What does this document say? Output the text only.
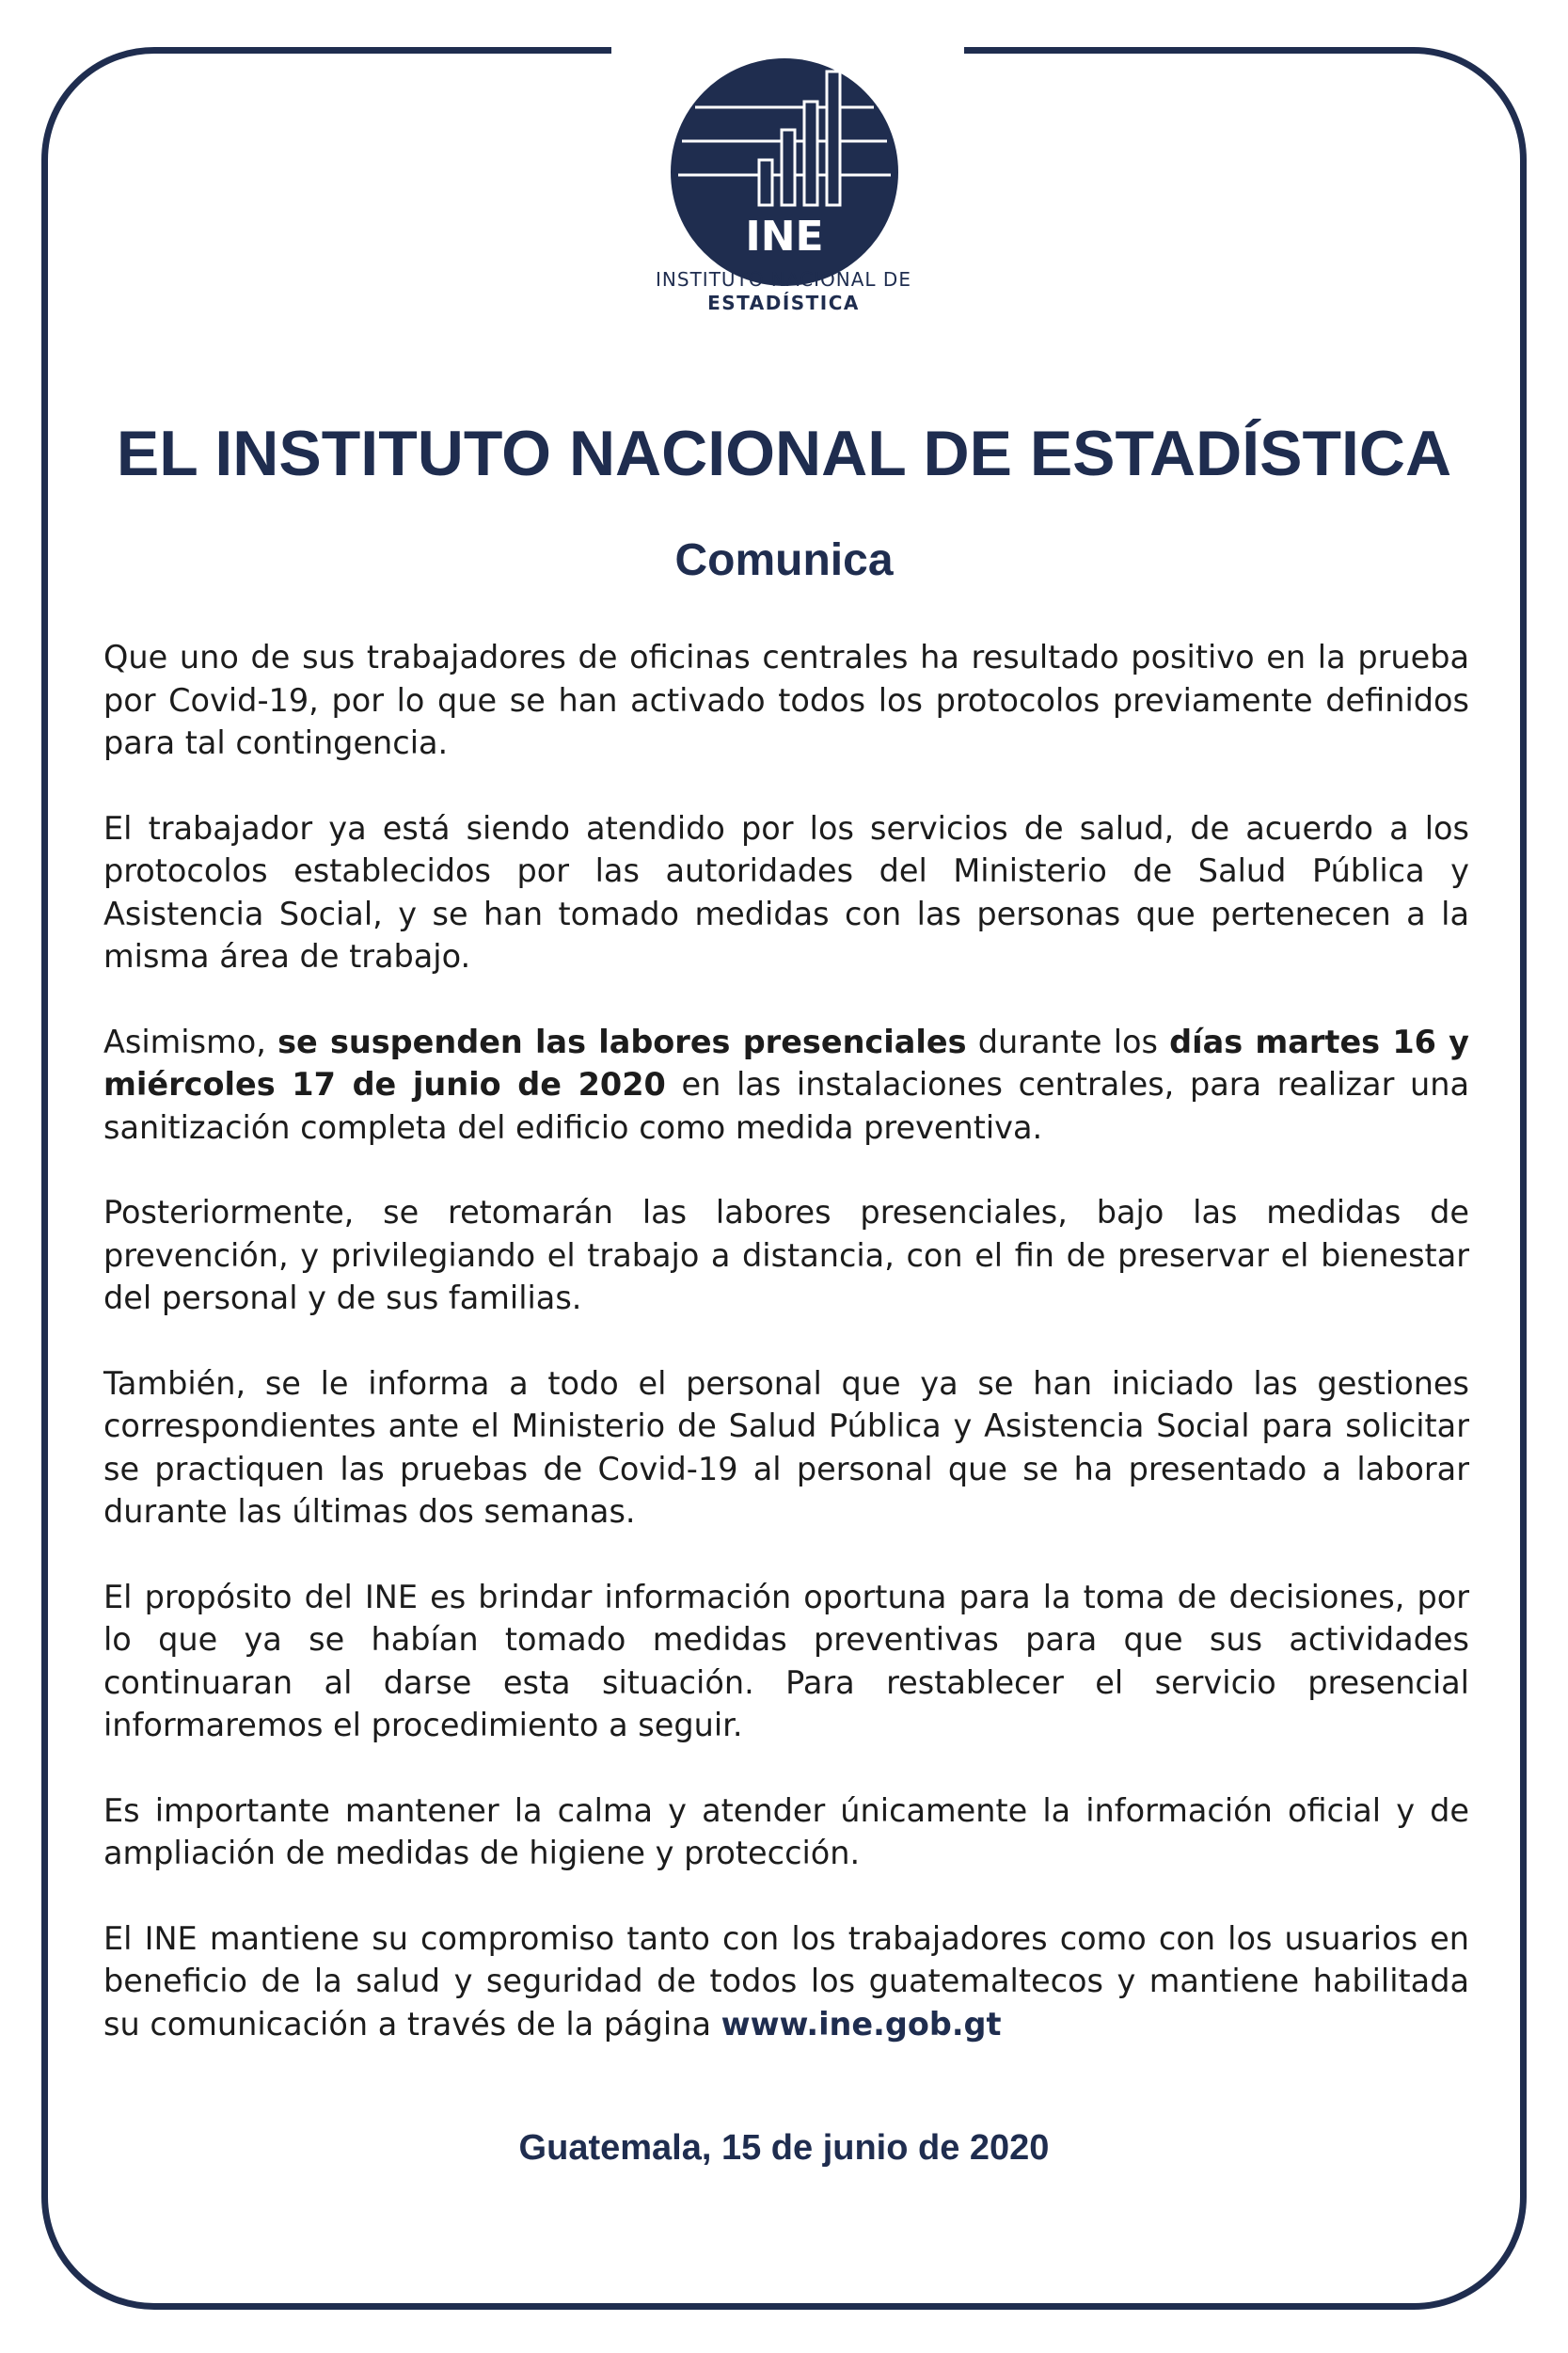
INE
INSTITUTO NACIONAL DE
ESTADÍSTICA
EL INSTITUTO NACIONAL DE ESTADÍSTICA
Comunica

Que uno de sus trabajadores de oficinas centrales ha resultado positivo en la prueba por Covid-19, por lo que se han activado todos los protocolos previamente definidos para tal contingencia.

El trabajador ya está siendo atendido por los servicios de salud, de acuerdo a los protocolos establecidos por las autoridades del Ministerio de Salud Pública y Asistencia Social, y se han tomado medidas con las personas que pertenecen a la misma área de trabajo.

Asimismo, se suspenden las labores presenciales durante los días martes 16 y miércoles 17 de junio de 2020 en las instalaciones centrales, para realizar una sanitización completa del edificio como medida preventiva.

Posteriormente, se retomarán las labores presenciales, bajo las medidas de prevención, y privilegiando el trabajo a distancia, con el fin de preservar el bienestar del personal y de sus familias.

También, se le informa a todo el personal que ya se han iniciado las gestiones correspondientes ante el Ministerio de Salud Pública y Asistencia Social para solicitar se practiquen las pruebas de Covid-19 al personal que se ha presentado a laborar durante las últimas dos semanas.

El propósito del INE es brindar información oportuna para la toma de decisiones, por lo que ya se habían tomado medidas preventivas para que sus actividades continuaran al darse esta situación. Para restablecer el servicio presencial informaremos el procedimiento a seguir.

Es importante mantener la calma y atender únicamente la información oficial y de ampliación de medidas de higiene y protección.

El INE mantiene su compromiso tanto con los trabajadores como con los usuarios en beneficio de la salud y seguridad de todos los guatemaltecos y mantiene habilitada su comunicación a través de la página www.ine.gob.gt

Guatemala, 15 de junio de 2020
